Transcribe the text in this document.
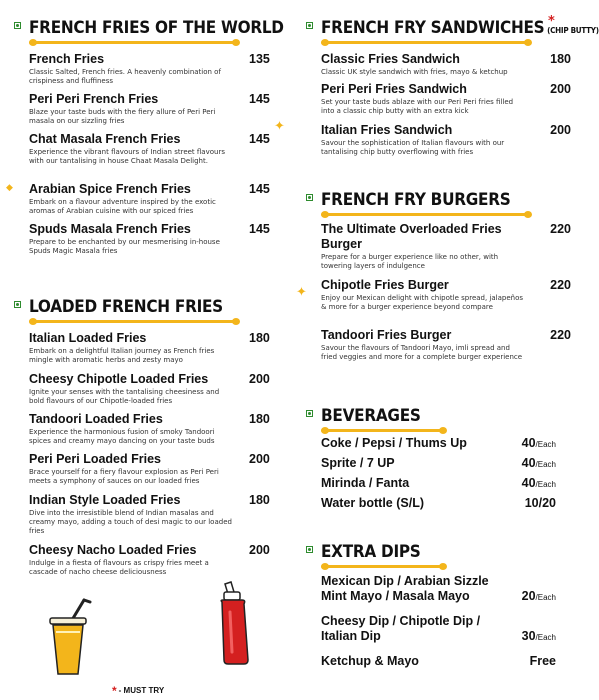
FRENCH FRIES OF THE WORLD
French Fries	135
Classic Salted, French fries. A heavenly combination of crispiness and fluffiness
Peri Peri French Fries	145
Blaze your taste buds with the fiery allure of Peri Peri masala on our sizzling fries
Chat Masala French Fries	145
Experience the vibrant flavours of Indian street flavours with our tantalising in house Chaat Masala Delight.
Arabian Spice French Fries	145
Embark on a flavour adventure inspired by the exotic aromas of Arabian cuisine with our spiced fries
Spuds Masala French Fries	145
Prepare to be enchanted by our mesmerising in-house Spuds Magic Masala fries
LOADED FRENCH FRIES
Italian Loaded Fries	180
Embark on a delightful Italian journey as French fries mingle with aromatic herbs and zesty mayo
Cheesy Chipotle Loaded Fries	200
Ignite your senses with the tantalising cheesiness and bold flavours of our Chipotle-loaded fries
Tandoori Loaded Fries	180
Experience the harmonious fusion of smoky Tandoori spices and creamy mayo dancing on your taste buds
Peri Peri Loaded Fries	200
Brace yourself for a fiery flavour explosion as Peri Peri meets a symphony of sauces on our loaded fries
Indian Style Loaded Fries	180
Dive into the irresistible blend of Indian masalas and creamy mayo, adding a touch of desi magic to our loaded fries
Cheesy Nacho Loaded Fries	200
Indulge in a fiesta of flavours as crispy fries meet a cascade of nacho cheese deliciousness
FRENCH FRY SANDWICHES (CHIP BUTTY)
Classic Fries Sandwich	180
Classic UK style sandwich with fries, mayo & ketchup
Peri Peri Fries Sandwich	200
Set your taste buds ablaze with our Peri Peri fries filled into a classic chip butty with an extra kick
Italian Fries Sandwich	200
Savour the sophistication of Italian flavours with our tantalising chip butty overflowing with fries
FRENCH FRY BURGERS
The Ultimate Overloaded Fries Burger
220
Prepare for a burger experience like no other, with towering layers of indulgence
Chipotle Fries Burger	220
Enjoy our Mexican delight with chipotle spread, jalapeños & more for a burger experience beyond compare
Tandoori Fries Burger	220
Savour the flavours of Tandoori Mayo, imli spread and fried veggies and more for a complete burger experience
BEVERAGES
Coke / Pepsi / Thums Up	40/Each
Sprite / 7 UP	40/Each
Mirinda / Fanta	40/Each
Water bottle (S/L)	10/20
EXTRA DIPS
Mexican Dip / Arabian Sizzle Mint Mayo / Masala Mayo	20/Each
Cheesy Dip / Chipotle Dip / Italian Dip	30/Each
Ketchup & Mayo	Free
*
✦
✦
◆
* - MUST TRY
